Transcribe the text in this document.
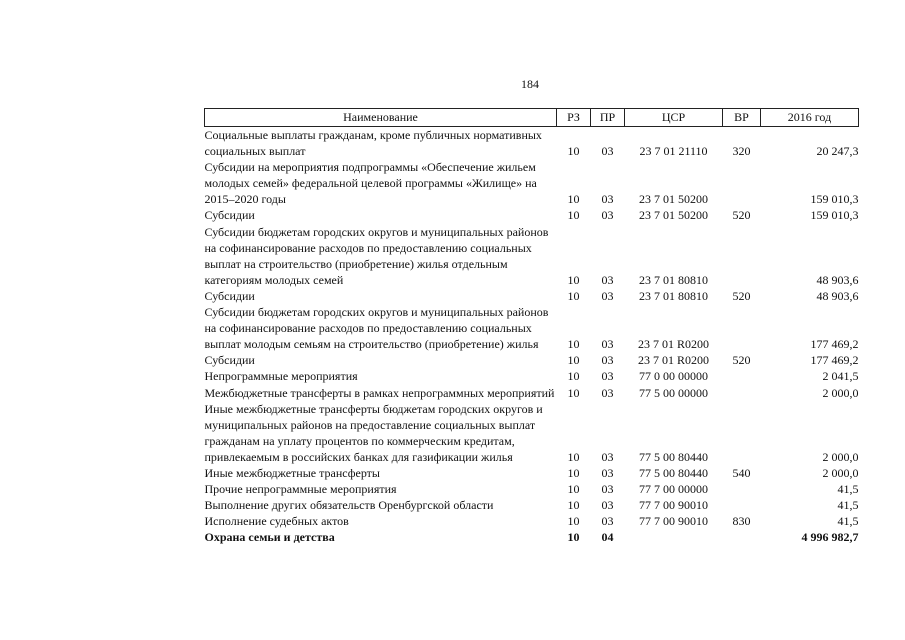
184
Наименование	РЗ	ПР	ЦСР	ВР	2016 год
Социальные выплаты гражданам, кроме публичных нормативных социальных выплат	10	03	23 7 01 21110	320	20 247,3
Субсидии на мероприятия подпрограммы «Обеспечение жильем молодых семей» федеральной целевой программы «Жилище» на 2015–2020 годы	10	03	23 7 01 50200		159 010,3
Субсидии	10	03	23 7 01 50200	520	159 010,3
Субсидии бюджетам городских округов и муниципальных районов на софинансирование расходов по предоставлению социальных выплат на строительство (приобретение) жилья отдельным категориям молодых семей	10	03	23 7 01 80810		48 903,6
Субсидии	10	03	23 7 01 80810	520	48 903,6
Субсидии бюджетам городских округов и муниципальных районов на софинансирование расходов по предоставлению социальных выплат молодым семьям на строительство (приобретение) жилья	10	03	23 7 01 R0200		177 469,2
Субсидии	10	03	23 7 01 R0200	520	177 469,2
Непрограммные мероприятия	10	03	77 0 00 00000		2 041,5
Межбюджетные трансферты в рамках непрограммных мероприятий	10	03	77 5 00 00000		2 000,0
Иные межбюджетные трансферты бюджетам городских округов и муниципальных районов на предоставление социальных выплат гражданам на уплату процентов по коммерческим кредитам, привлекаемым в российских банках для газификации жилья	10	03	77 5 00 80440		2 000,0
Иные межбюджетные трансферты	10	03	77 5 00 80440	540	2 000,0
Прочие непрограммные мероприятия	10	03	77 7 00 00000		41,5
Выполнение других обязательств Оренбургской области	10	03	77 7 00 90010		41,5
Исполнение судебных актов	10	03	77 7 00 90010	830	41,5
Охрана семьи и детства	10	04			4 996 982,7
